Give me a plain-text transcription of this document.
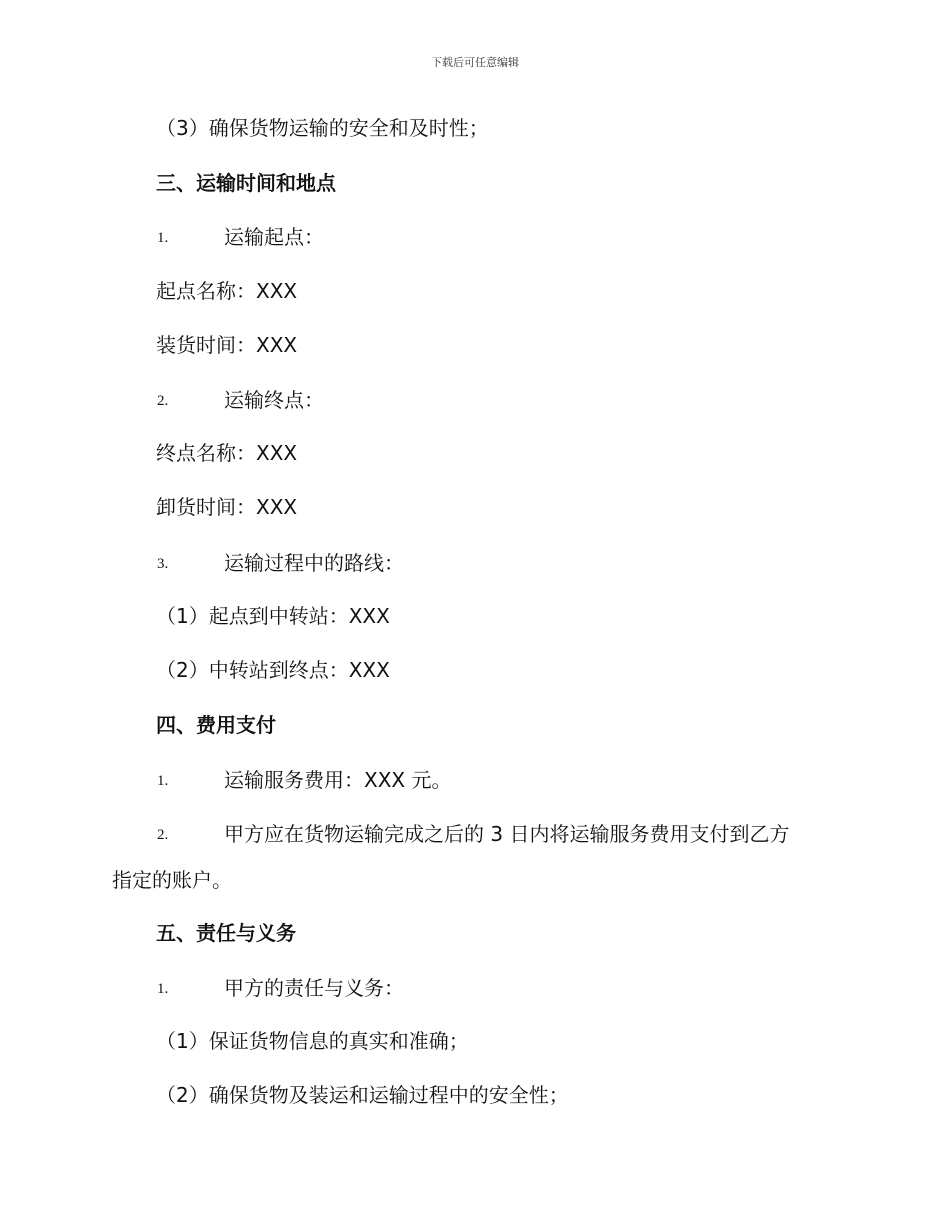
下载后可任意编辑
（3）确保货物运输的安全和及时性；
三、运输时间和地点
1.	运输起点：
起点名称：XXX
装货时间：XXX
2.	运输终点：
终点名称：XXX
卸货时间：XXX
3.	运输过程中的路线：
（1）起点到中转站：XXX
（2）中转站到终点：XXX
四、费用支付
1.	运输服务费用：XXX 元。
2.	甲方应在货物运输完成之后的 3 日内将运输服务费用支付到乙方
指定的账户。
五、责任与义务
1.	甲方的责任与义务：
（1）保证货物信息的真实和准确；
（2）确保货物及装运和运输过程中的安全性；
